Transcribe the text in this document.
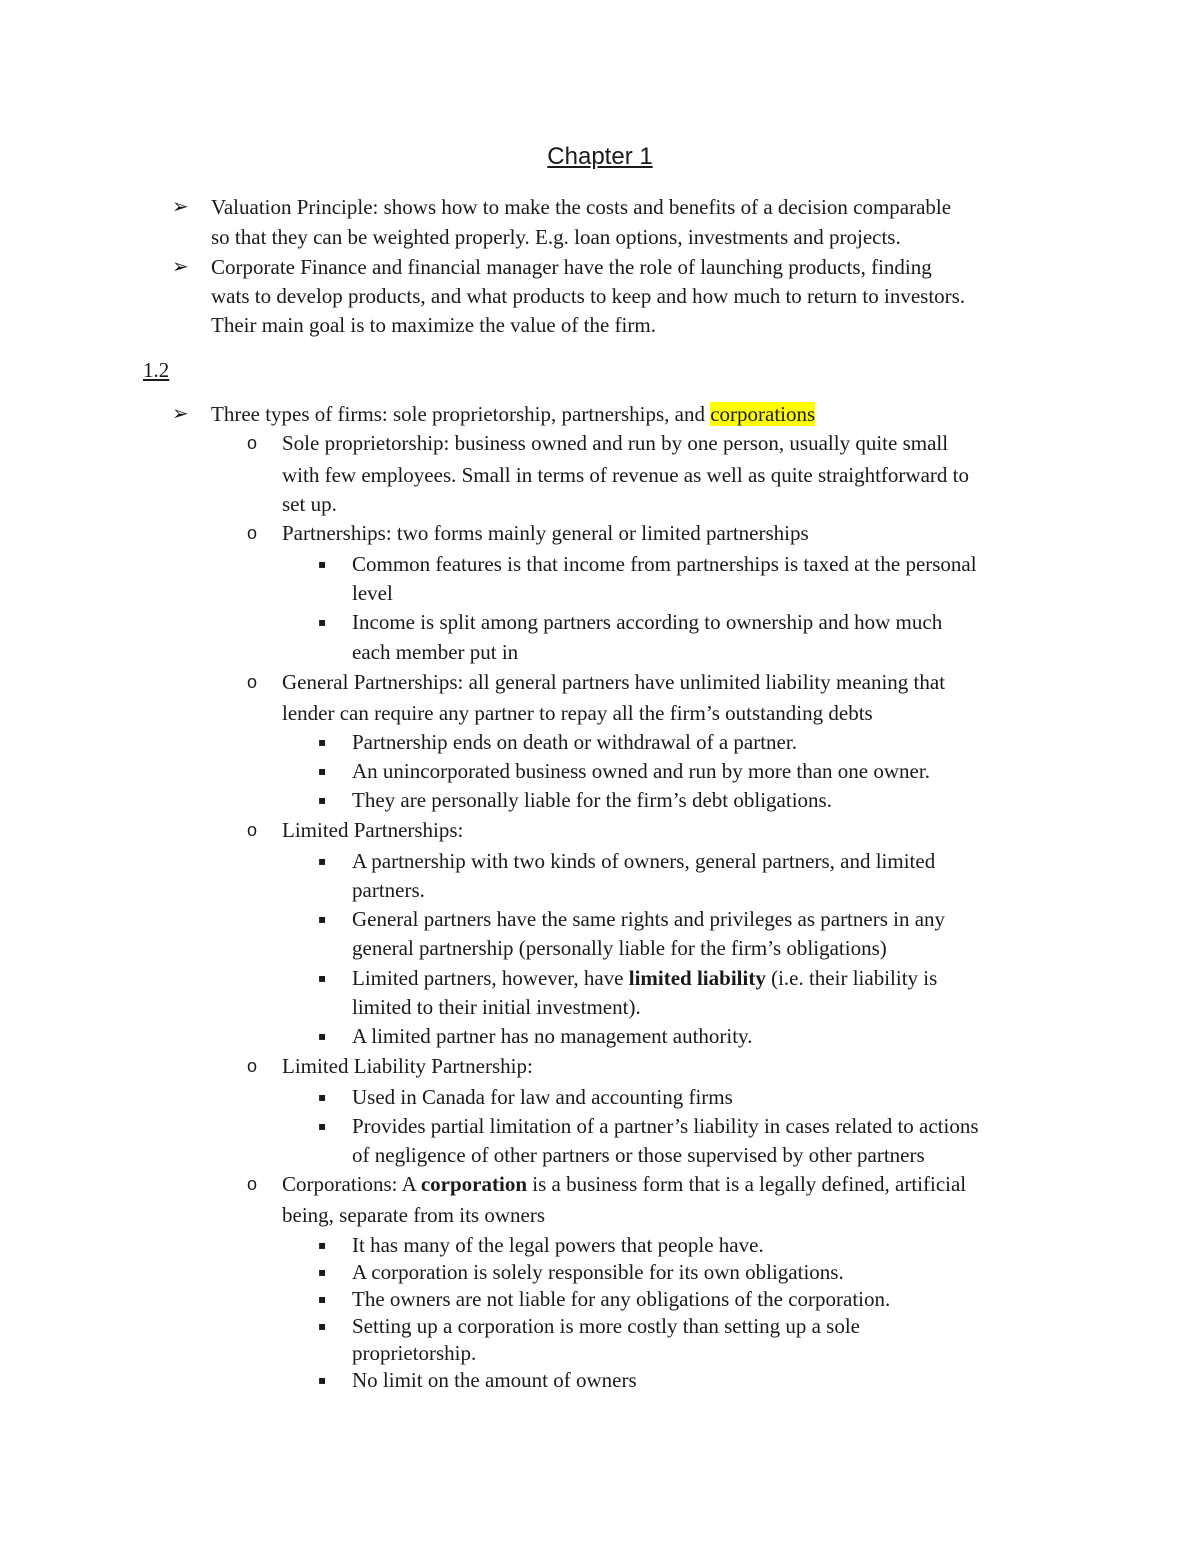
Chapter 1
➢ Valuation Principle: shows how to make the costs and benefits of a decision comparable

so that they can be weighted properly. E.g. loan options, investments and projects.

➢ Corporate Finance and financial manager have the role of launching products, finding

wats to develop products, and what products to keep and how much to return to investors.

Their main goal is to maximize the value of the firm.

1.2
➢ Three types of firms: sole proprietorship, partnerships, and corporations

o Sole proprietorship: business owned and run by one person, usually quite small

with few employees. Small in terms of revenue as well as quite straightforward to

set up.

o Partnerships: two forms mainly general or limited partnerships

▪ Common features is that income from partnerships is taxed at the personal

level

▪ Income is split among partners according to ownership and how much

each member put in

o General Partnerships: all general partners have unlimited liability meaning that

lender can require any partner to repay all the firm’s outstanding debts

▪ Partnership ends on death or withdrawal of a partner.

▪ An unincorporated business owned and run by more than one owner.

▪ They are personally liable for the firm’s debt obligations.

o Limited Partnerships:

▪ A partnership with two kinds of owners, general partners, and limited

partners.

▪ General partners have the same rights and privileges as partners in any

general partnership (personally liable for the firm’s obligations)

▪ Limited partners, however, have limited liability (i.e. their liability is

limited to their initial investment).

▪ A limited partner has no management authority.

o Limited Liability Partnership:

▪ Used in Canada for law and accounting firms

▪ Provides partial limitation of a partner’s liability in cases related to actions

of negligence of other partners or those supervised by other partners

o Corporations: A corporation is a business form that is a legally defined, artificial

being, separate from its owners

▪ It has many of the legal powers that people have.

▪ A corporation is solely responsible for its own obligations.

▪ The owners are not liable for any obligations of the corporation.

▪ Setting up a corporation is more costly than setting up a sole

proprietorship.

▪ No limit on the amount of owners
